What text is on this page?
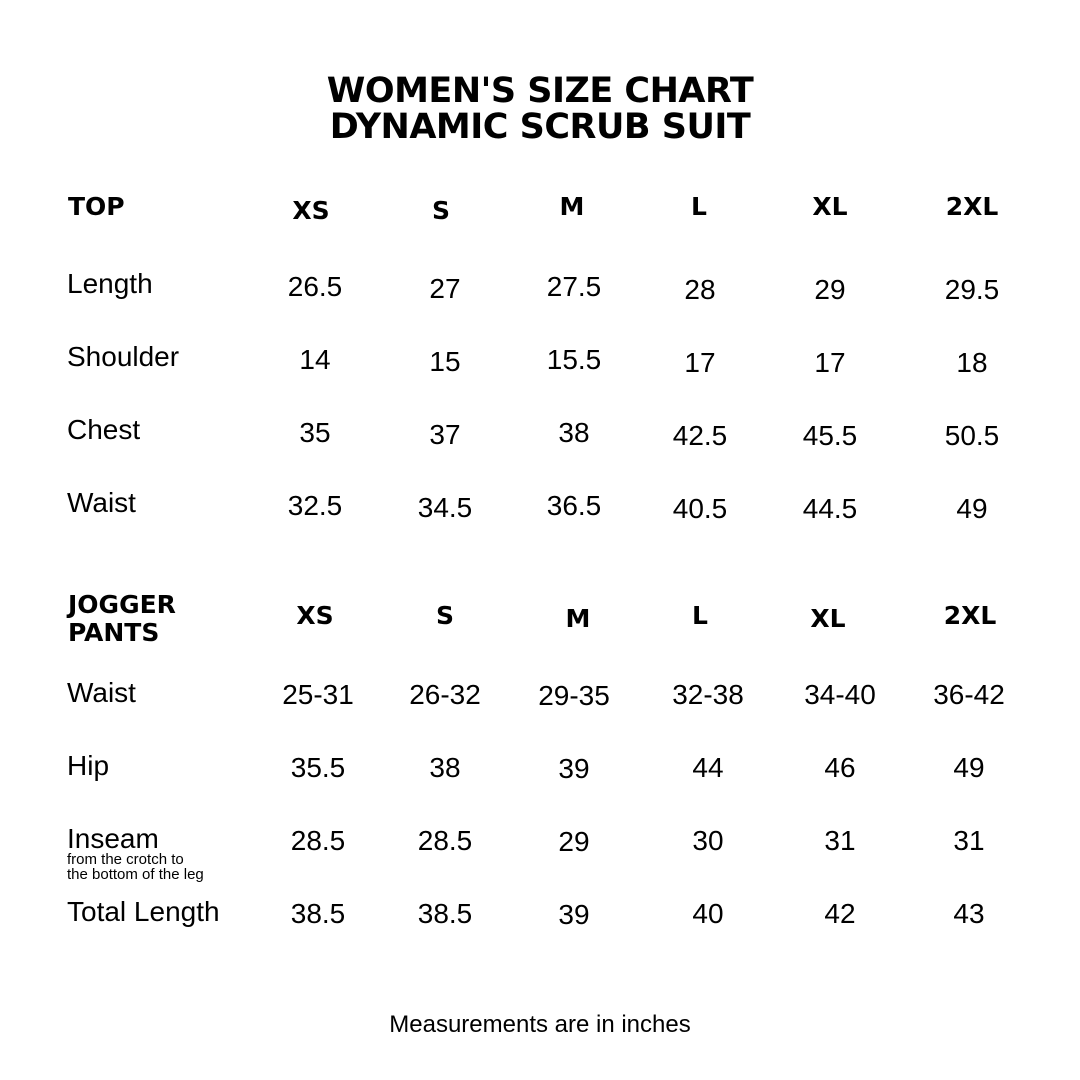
WOMEN'S SIZE CHART
DYNAMIC SCRUB SUIT
TOP	XS	S	M	L	XL	2XL
Length	26.5	27	27.5	28	29	29.5
Shoulder	14	15	15.5	17	17	18
Chest	35	37	38	42.5	45.5	50.5
Waist	32.5	34.5	36.5	40.5	44.5	49
JOGGER
PANTS
XS	S	M	L	XL	2XL
Waist	25-31 26-32 29-35 32-38 34-40 36-42
Hip	35.5	38	39	44	46	49
Inseam
from the crotch to
the bottom of the leg
28.5	28.5	29	30	31	31
Total Length	38.5	38.5	39	40	42	43
Measurements are in inches
